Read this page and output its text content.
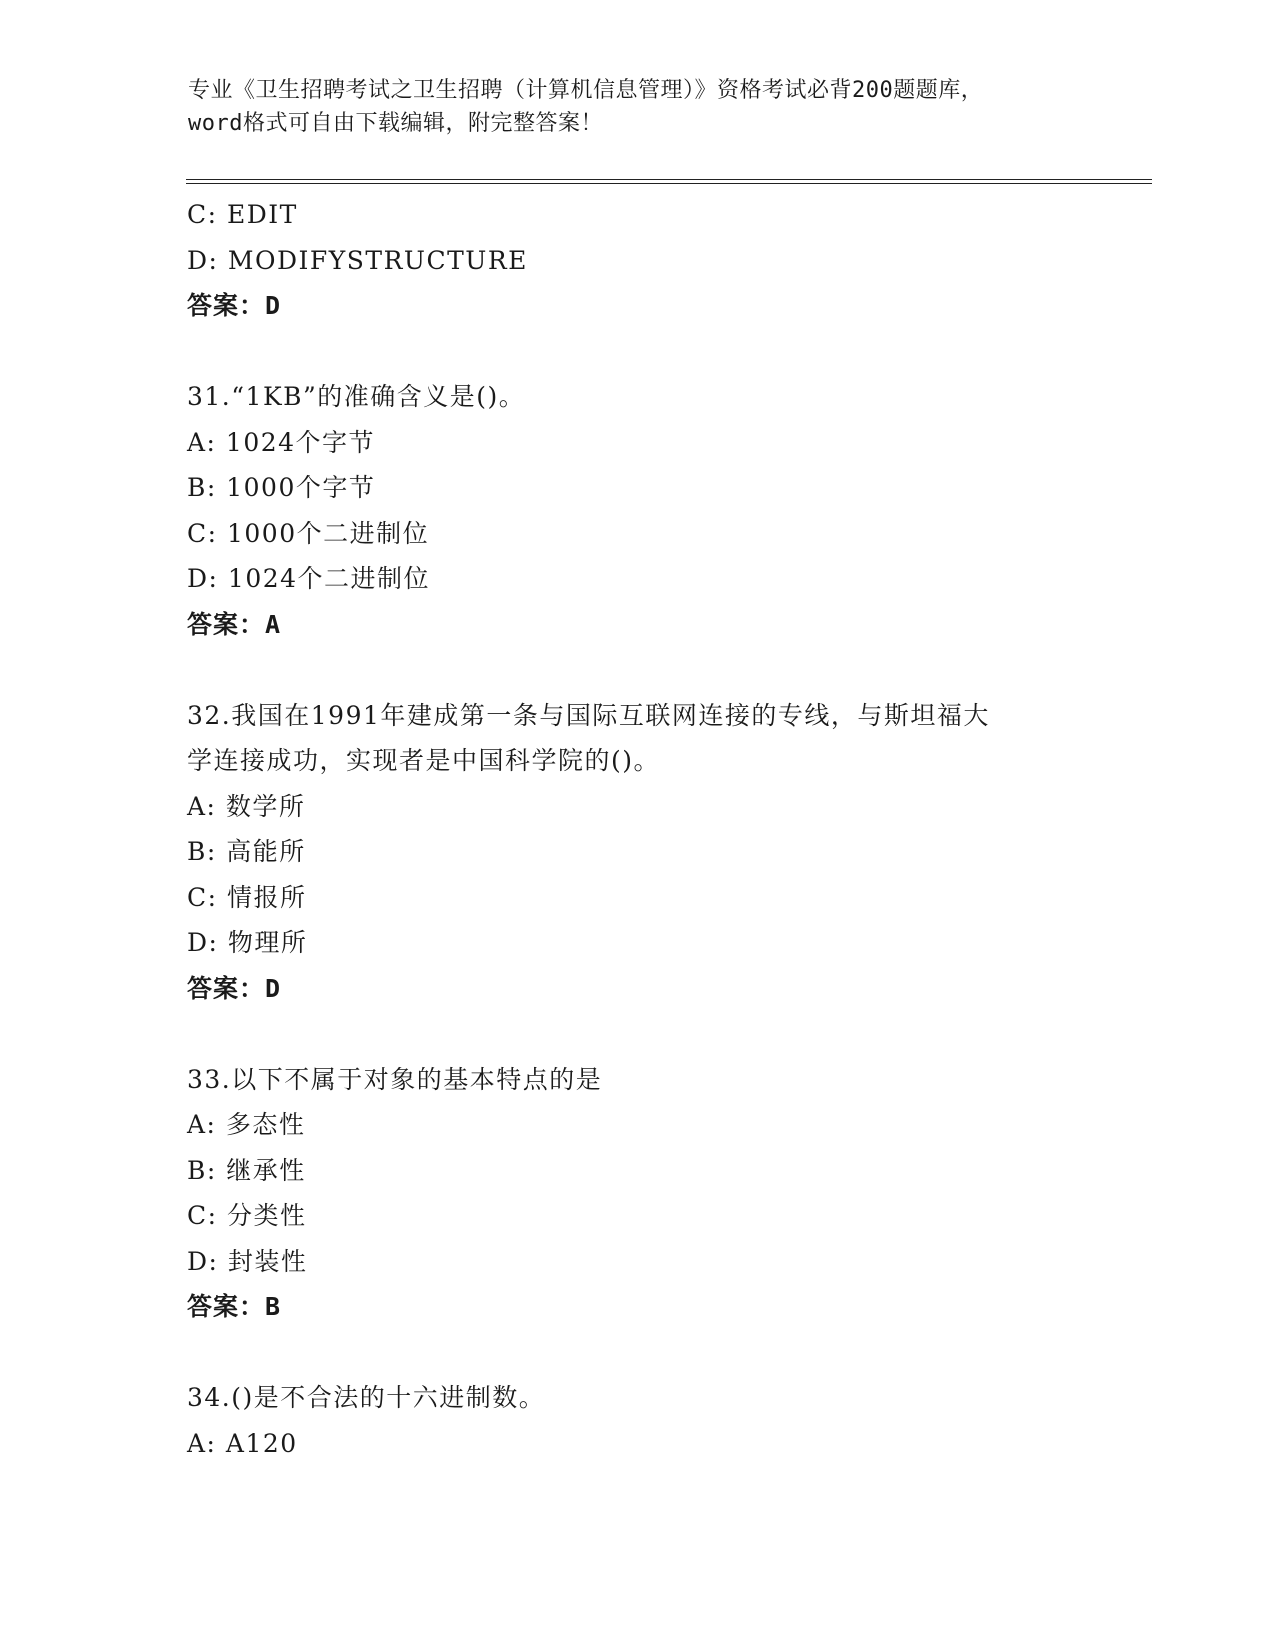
专业《卫生招聘考试之卫生招聘（计算机信息管理）》资格考试必背200题题库，
word格式可自由下载编辑，附完整答案！
C: EDIT
D: MODIFYSTRUCTURE
答案：D
31.“1KB”的准确含义是()。
A: 1024个字节
B: 1000个字节
C: 1000个二进制位
D: 1024个二进制位
答案：A
32.我国在1991年建成第一条与国际互联网连接的专线，与斯坦福大
学连接成功，实现者是中国科学院的()。
A: 数学所
B: 高能所
C: 情报所
D: 物理所
答案：D
33.以下不属于对象的基本特点的是
A: 多态性
B: 继承性
C: 分类性
D: 封装性
答案：B
34.()是不合法的十六进制数。
A: A120
